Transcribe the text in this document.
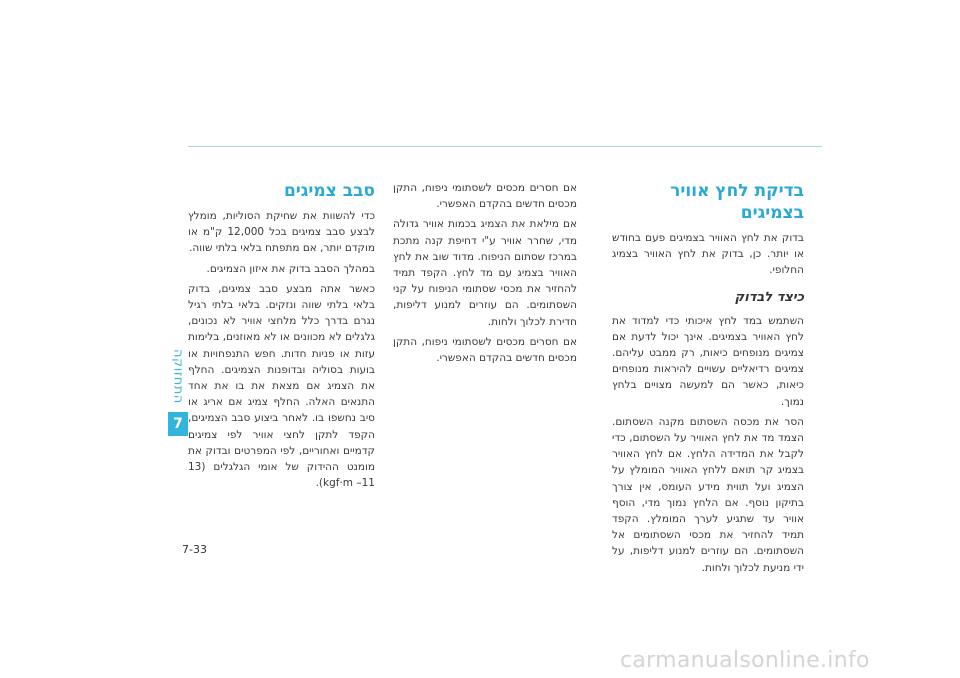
התחזוקה
7
בדיקת לחץ אוויר בצמיגים

בדוק את לחץ האוויר בצמיגים פעם בחודש או יותר. כן, בדוק את לחץ האוויר בצמיג החלופי.

כיצד לבדוק

השתמש במד לחץ איכותי כדי למדוד את לחץ האוויר בצמיגים. אינך יכול לדעת אם צמיגים מנופחים כיאות, רק ממבט עליהם. צמיגים רדיאליים עשויים להיראות מנופחים כיאות, כאשר הם למעשה מצויים בלחץ נמוך.

הסר את מכסה השסתום מקנה השסתום. הצמד מד את לחץ האוויר על השסתום, כדי לקבל את המדידה הלחץ. אם לחץ האוויר בצמיג קר תואם ללחץ האוויר המומלץ על הצמיג ועל תווית מידע העומס, אין צורך בתיקון נוסף. אם הלחץ נמוך מדי, הוסף אוויר עד שתגיע לערך המומלץ. הקפד תמיד להחזיר את מכסי השסתומים אל השסתומים. הם עוזרים למנוע דליפות, על ידי מניעת לכלוך ולחות.

אם חסרים מכסים לשסתומי ניפוח, התקן מכסים חדשים בהקדם האפשרי.

אם מילאת את הצמיג בכמות אוויר גדולה מדי, שחרר אוויר ע"י דחיפת קנה מתכת במרכז שסתום הניפוח. מדוד שוב את לחץ האוויר בצמיג עם מד לחץ. הקפד תמיד להחזיר את מכסי שסתומי הניפוח על קני השסתומים. הם עוזרים למנוע דליפות, חדירת לכלוך ולחות.

אם חסרים מכסים לשסתומי ניפוח, התקן מכסים חדשים בהקדם האפשרי.

סבב צמיגים

כדי להשוות את שחיקת הסוליות, מומלץ לבצע סבב צמיגים בכל 12,000 ק"מ או מוקדם יותר, אם מתפתח בלאי בלתי שווה.

במהלך הסבב בדוק את איזון הצמיגים.

כאשר אתה מבצע סבב צמיגים, בדוק בלאי בלתי שווה ונזקים. בלאי בלתי רגיל נגרם בדרך כלל מלחצי אוויר לא נכונים, גלגלים לא מכוונים או לא מאוזנים, בלימות עזות או פניות חדות. חפש התנפחויות או בועות בסוליה ובדופנות הצמיגים. החלף את הצמיג אם מצאת את בו את אחד התנאים האלה. החלף צמיג אם אריג או סיב נחשפו בו. לאחר ביצוע סבב הצמיגים, הקפד לתקן לחצי אוויר לפי צמיגים קדמיים ואחוריים, לפי המפרטים ובדוק את מומנט ההידוק של אומי הגלגלים (13 kgf·m –11).

7-33
carmanualsonline.info
